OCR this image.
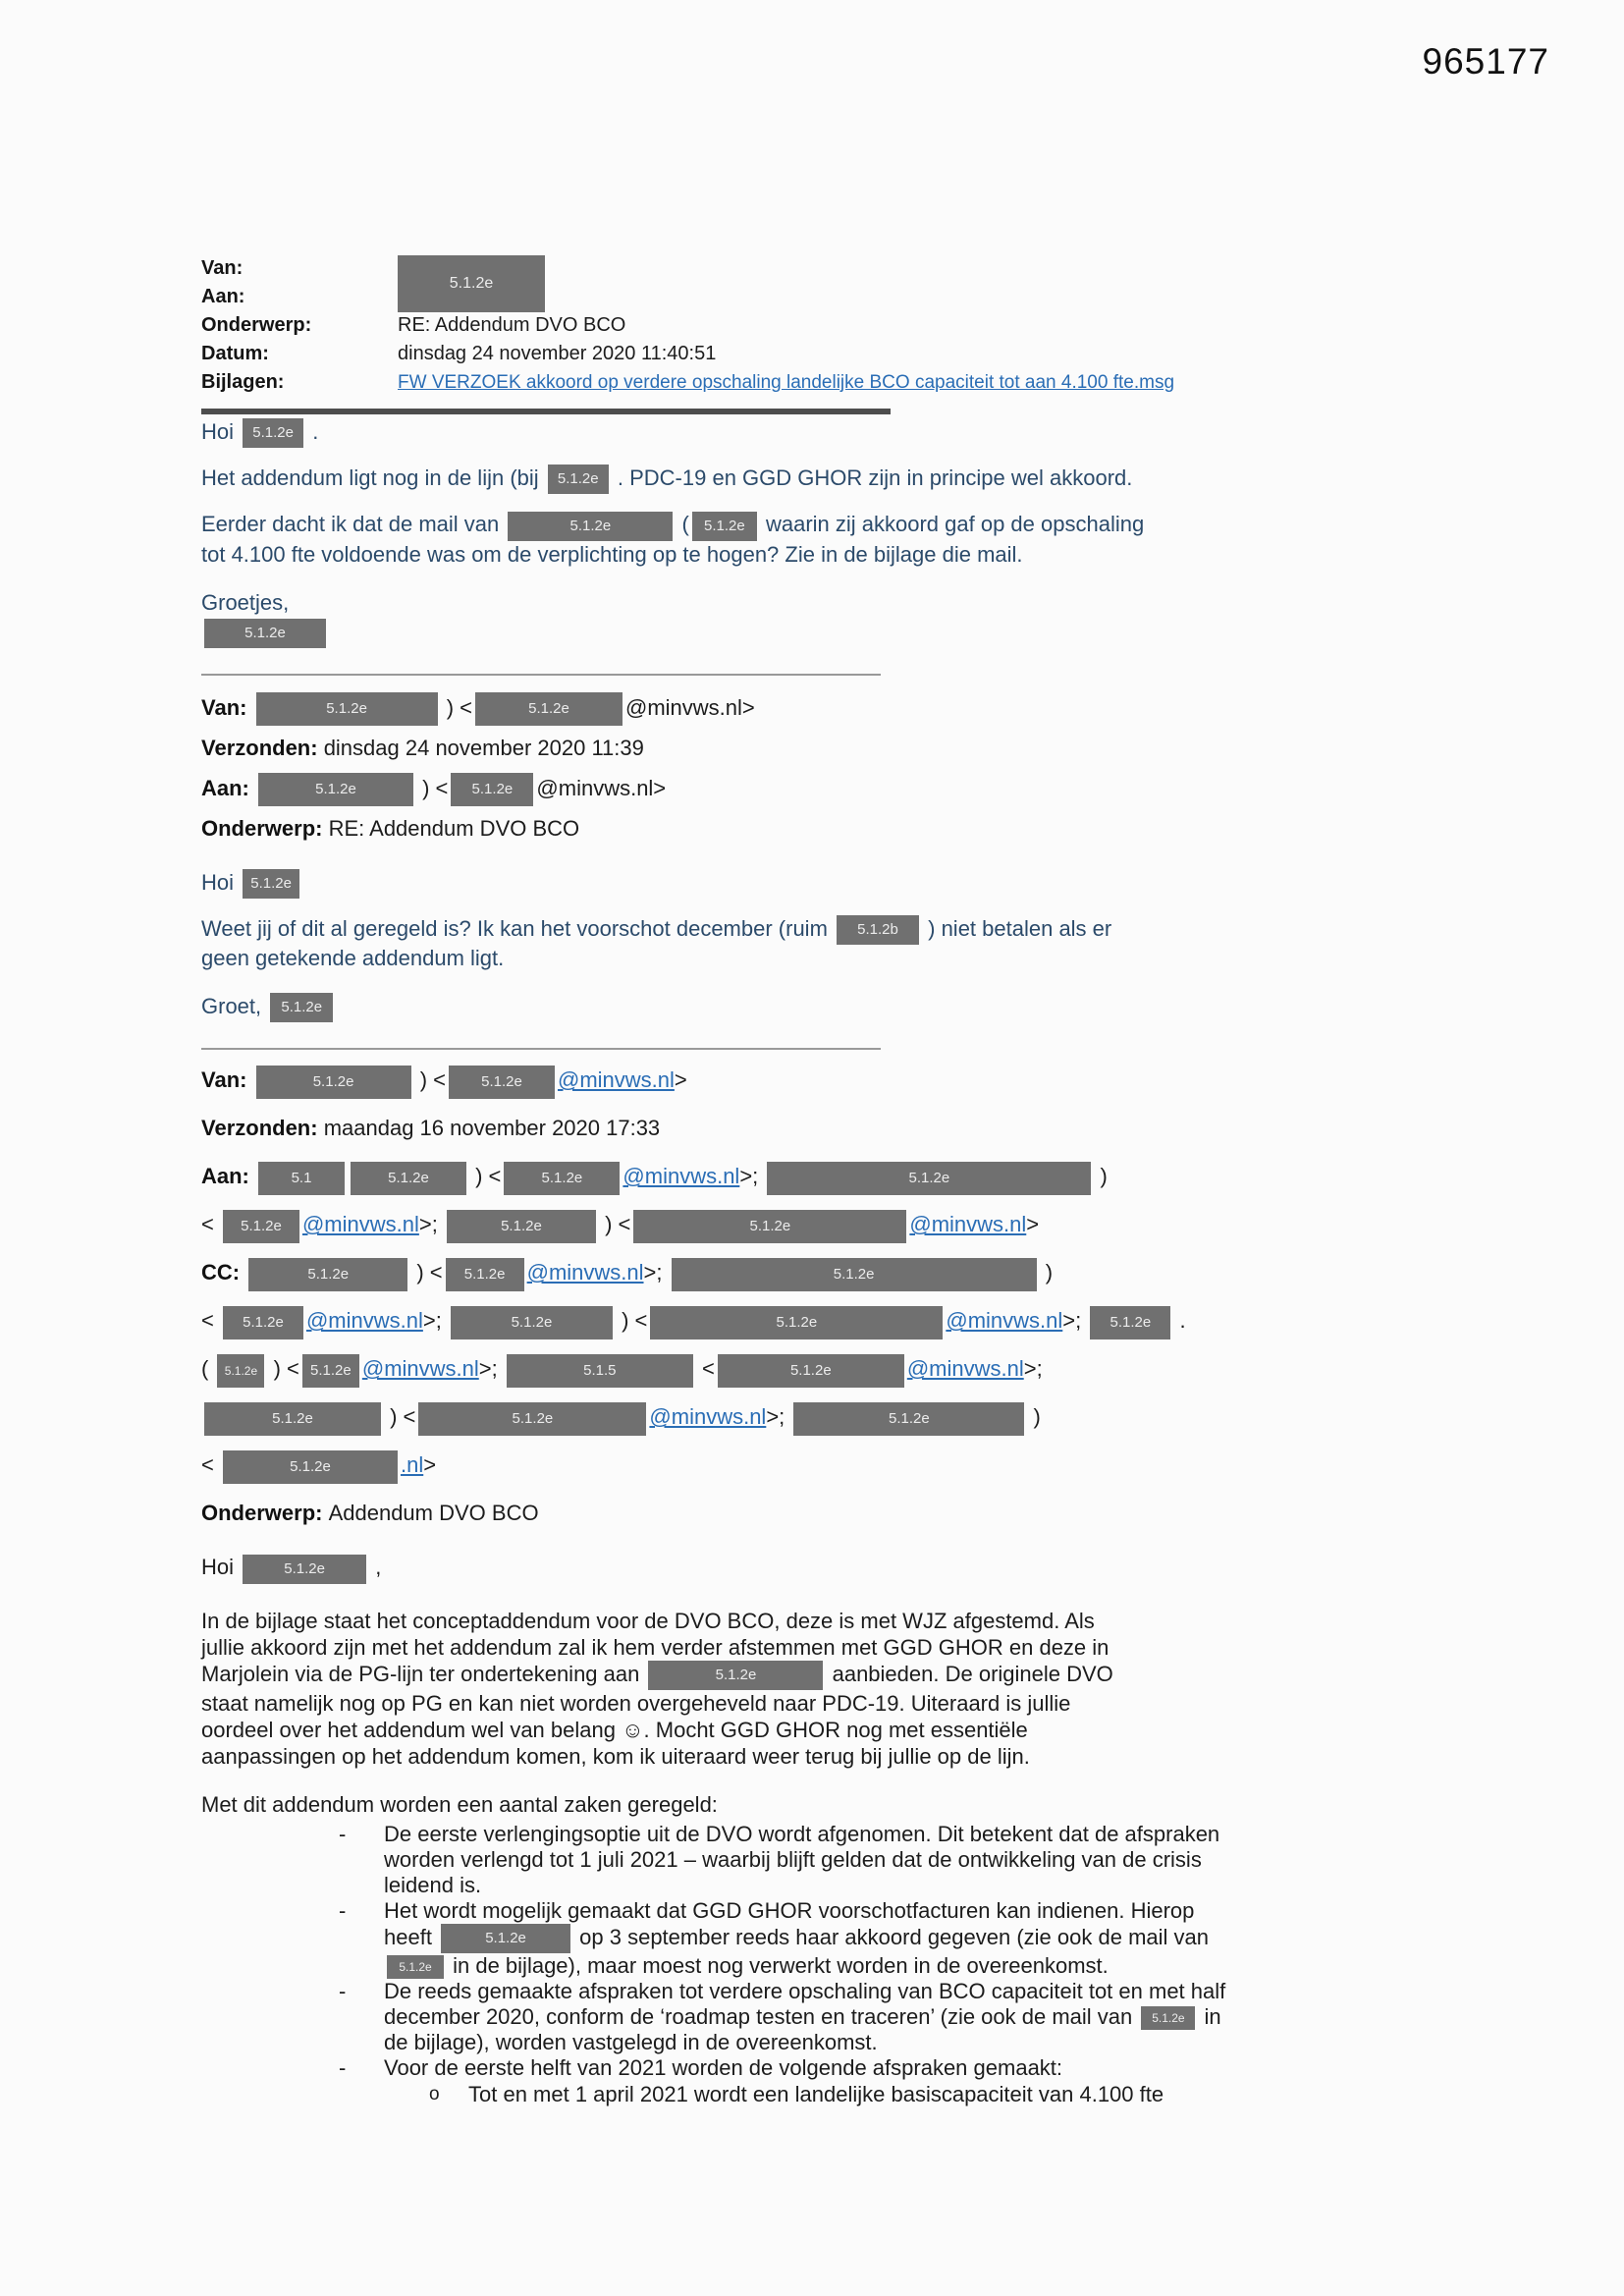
965177
5.1.2e
Van:
Aan:
Onderwerp:	RE: Addendum DVO BCO
Datum:	dinsdag 24 november 2020 11:40:51
Bijlagen:	FW VERZOEK akkoord op verdere opschaling landelijke BCO capaciteit tot aan 4.100 fte.msg
Hoi 5.1.2e .
Het addendum ligt nog in de lijn (bij 5.1.2e . PDC-19 en GGD GHOR zijn in principe wel akkoord.
Eerder dacht ik dat de mail van	5.1.2e	( 5.1.2e waarin zij akkoord gaf op de opschaling
tot 4.100 fte voldoende was om de verplichting op te hogen? Zie in de bijlage die mail.
Groetjes,
5.1.2e
Van:	5.1.2e	) <	5.1.2e	@minvws.nl>
Verzonden: dinsdag 24 november 2020 11:39
Aan:	5.1.2e	) < 5.1.2e @minvws.nl>
Onderwerp: RE: Addendum DVO BCO
Hoi 5.1.2e
Weet jij of dit al geregeld is? Ik kan het voorschot december (ruim 5.1.2b ) niet betalen als er
geen getekende addendum ligt.
Groet, 5.1.2e
Van:	5.1.2e	) < 5.1.2e @minvws.nl>
Verzonden: maandag 16 november 2020 17:33
Aan: 5.1	5.1.2e ) <	5.1.2e @minvws.nl>;	5.1.2e	)
< 5.1.2e @minvws.nl>;	5.1.2e	) <	5.1.2e	@minvws.nl>
CC:	5.1.2e	) < 5.1.2e @minvws.nl>;	5.1.2e	)
< 5.1.2e @minvws.nl>;	5.1.2e	) <	5.1.2e	@minvws.nl>; 5.1.2e .
( 5.1.2e ) < 5.1.2e @minvws.nl>;	5.1.5	<	5.1.2e	@minvws.nl>;
5.1.2e	) <	5.1.2e	@minvws.nl>;	5.1.2e	)
<	5.1.2e	.nl>
Onderwerp: Addendum DVO BCO
Hoi	5.1.2e ,
In de bijlage staat het conceptaddendum voor de DVO BCO, deze is met WJZ afgestemd. Als
jullie akkoord zijn met het addendum zal ik hem verder afstemmen met GGD GHOR en deze in
Marjolein via de PG-lijn ter ondertekening aan	5.1.2e	aanbieden. De originele DVO
staat namelijk nog op PG en kan niet worden overgeheveld naar PDC-19. Uiteraard is jullie
oordeel over het addendum wel van belang ☺. Mocht GGD GHOR nog met essentiële
aanpassingen op het addendum komen, kom ik uiteraard weer terug bij jullie op de lijn.
Met dit addendum worden een aantal zaken geregeld:
-	De eerste verlengingsoptie uit de DVO wordt afgenomen. Dit betekent dat de afspraken
worden verlengd tot 1 juli 2021 – waarbij blijft gelden dat de ontwikkeling van de crisis
leidend is.
-	Het wordt mogelijk gemaakt dat GGD GHOR voorschotfacturen kan indienen. Hierop
heeft	5.1.2e op 3 september reeds haar akkoord gegeven (zie ook de mail van
5.1.2e in de bijlage), maar moest nog verwerkt worden in de overeenkomst.
-	De reeds gemaakte afspraken tot verdere opschaling van BCO capaciteit tot en met half
december 2020, conform de ‘roadmap testen en traceren’ (zie ook de mail van 5.1.2e in
de bijlage), worden vastgelegd in de overeenkomst.
-	Voor de eerste helft van 2021 worden de volgende afspraken gemaakt:
o	Tot en met 1 april 2021 wordt een landelijke basiscapaciteit van 4.100 fte
